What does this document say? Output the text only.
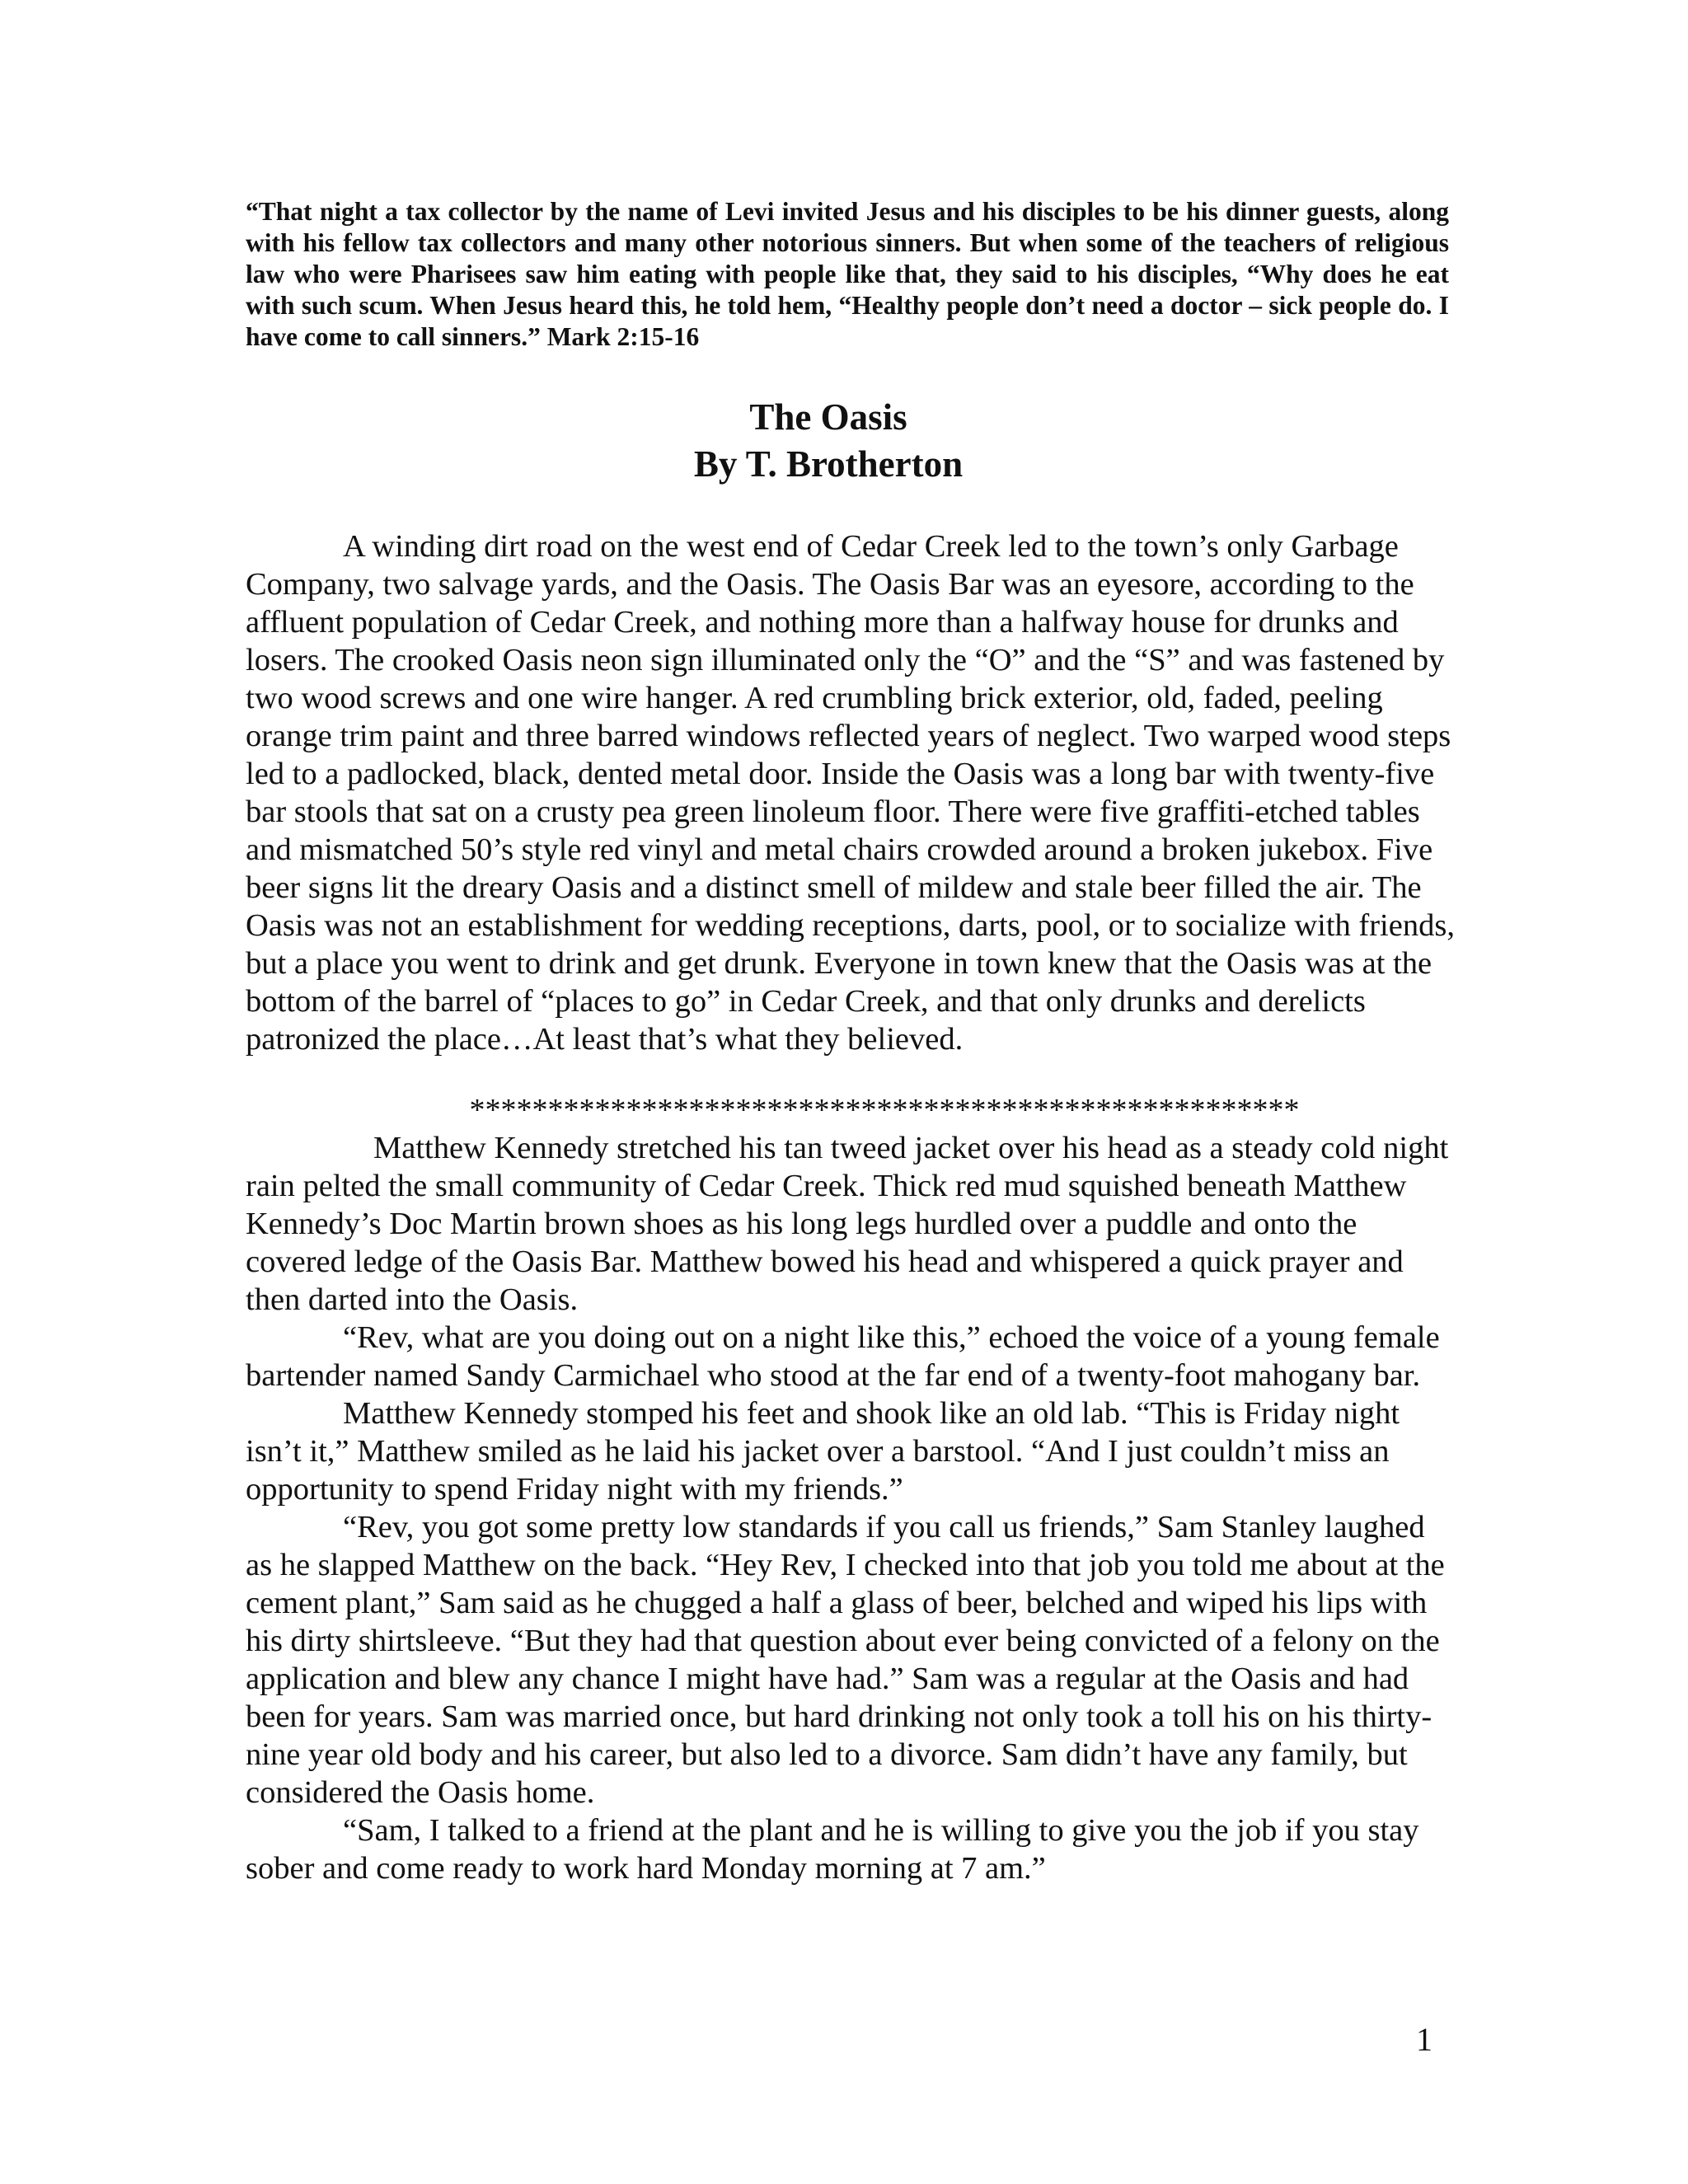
“That night a tax collector by the name of Levi invited Jesus and his disciples to be his dinner guests, along with his fellow tax collectors and many other notorious sinners. But when some of the teachers of religious law who were Pharisees saw him eating with people like that, they said to his disciples, “Why does he eat with such scum. When Jesus heard this, he told hem, “Healthy people don’t need a doctor – sick people do. I have come to call sinners.” Mark 2:15-16

The Oasis
By T. Brotherton

A winding dirt road on the west end of Cedar Creek led to the town’s only Garbage Company, two salvage yards, and the Oasis. The Oasis Bar was an eyesore, according to the affluent population of Cedar Creek, and nothing more than a halfway house for drunks and losers. The crooked Oasis neon sign illuminated only the “O” and the “S” and was fastened by two wood screws and one wire hanger. A red crumbling brick exterior, old, faded, peeling orange trim paint and three barred windows reflected years of neglect. Two warped wood steps led to a padlocked, black, dented metal door. Inside the Oasis was a long bar with twenty-five bar stools that sat on a crusty pea green linoleum floor. There were five graffiti-etched tables and mismatched 50’s style red vinyl and metal chairs crowded around a broken jukebox. Five beer signs lit the dreary Oasis and a distinct smell of mildew and stale beer filled the air. The Oasis was not an establishment for wedding receptions, darts, pool, or to socialize with friends, but a place you went to drink and get drunk. Everyone in town knew that the Oasis was at the bottom of the barrel of “places to go” in Cedar Creek, and that only drunks and derelicts patronized the place…At least that’s what they believed.

*****************************************************

Matthew Kennedy stretched his tan tweed jacket over his head as a steady cold night rain pelted the small community of Cedar Creek. Thick red mud squished beneath Matthew Kennedy’s Doc Martin brown shoes as his long legs hurdled over a puddle and onto the covered ledge of the Oasis Bar. Matthew bowed his head and whispered a quick prayer and then darted into the Oasis.

“Rev, what are you doing out on a night like this,” echoed the voice of a young female bartender named Sandy Carmichael who stood at the far end of a twenty-foot mahogany bar.

Matthew Kennedy stomped his feet and shook like an old lab. “This is Friday night isn’t it,” Matthew smiled as he laid his jacket over a barstool. “And I just couldn’t miss an opportunity to spend Friday night with my friends.”

“Rev, you got some pretty low standards if you call us friends,” Sam Stanley laughed as he slapped Matthew on the back. “Hey Rev, I checked into that job you told me about at the cement plant,” Sam said as he chugged a half a glass of beer, belched and wiped his lips with his dirty shirtsleeve. “But they had that question about ever being convicted of a felony on the application and blew any chance I might have had.” Sam was a regular at the Oasis and had been for years. Sam was married once, but hard drinking not only took a toll his on his thirty-nine year old body and his career, but also led to a divorce. Sam didn’t have any family, but considered the Oasis home.

“Sam, I talked to a friend at the plant and he is willing to give you the job if you stay sober and come ready to work hard Monday morning at 7 am.”

1
